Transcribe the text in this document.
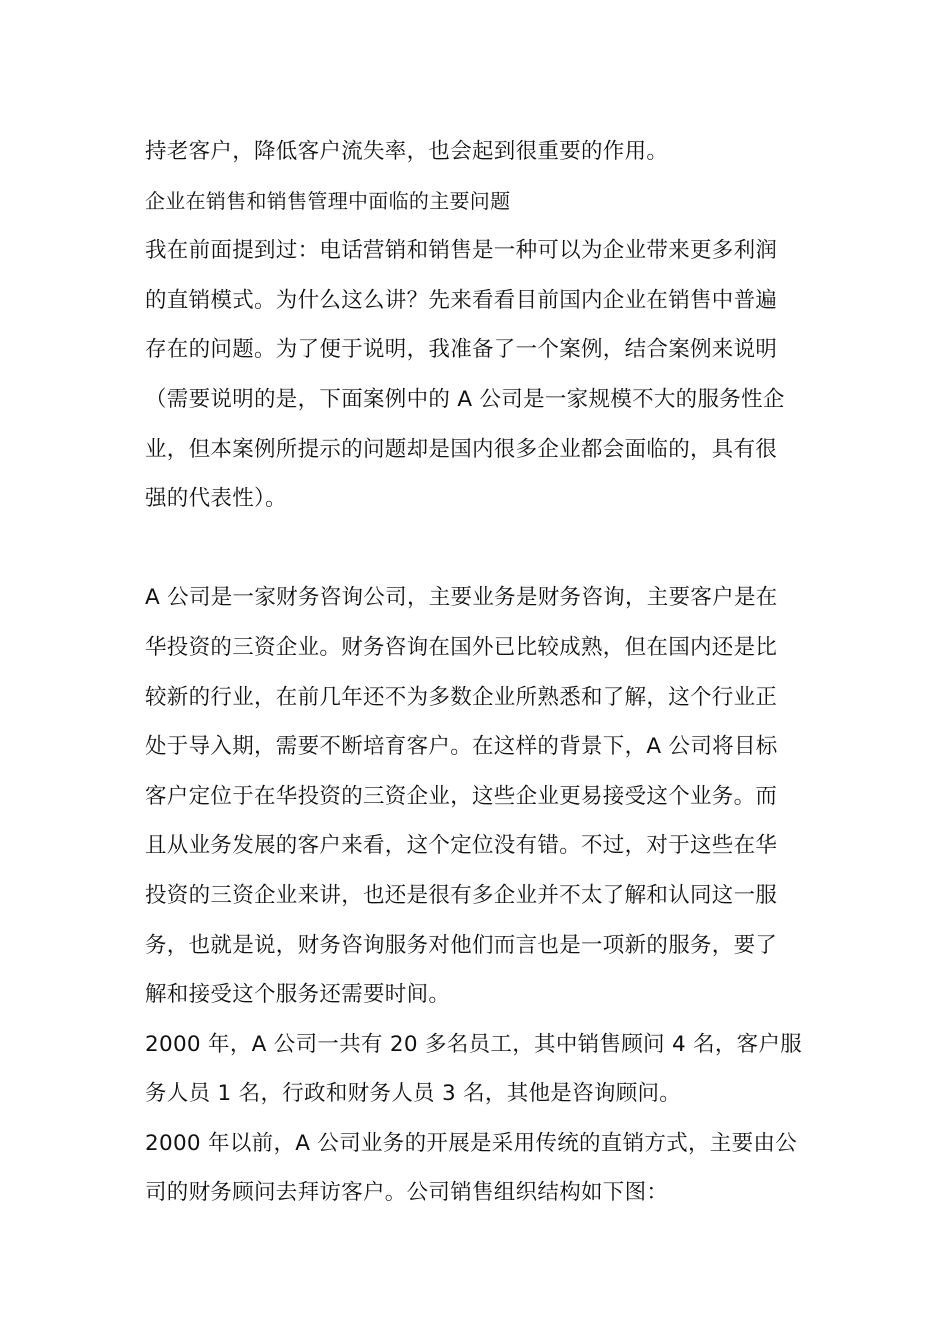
持老客户，降低客户流失率，也会起到很重要的作用。
企业在销售和销售管理中面临的主要问题
我在前面提到过：电话营销和销售是一种可以为企业带来更多利润
的直销模式。为什么这么讲？先来看看目前国内企业在销售中普遍
存在的问题。为了便于说明，我准备了一个案例，结合案例来说明
（需要说明的是，下面案例中的 A 公司是一家规模不大的服务性企
业，但本案例所提示的问题却是国内很多企业都会面临的，具有很
强的代表性）。
A 公司是一家财务咨询公司，主要业务是财务咨询，主要客户是在
华投资的三资企业。财务咨询在国外已比较成熟，但在国内还是比
较新的行业，在前几年还不为多数企业所熟悉和了解，这个行业正
处于导入期，需要不断培育客户。在这样的背景下，A 公司将目标
客户定位于在华投资的三资企业，这些企业更易接受这个业务。而
且从业务发展的客户来看，这个定位没有错。不过，对于这些在华
投资的三资企业来讲，也还是很有多企业并不太了解和认同这一服
务，也就是说，财务咨询服务对他们而言也是一项新的服务，要了
解和接受这个服务还需要时间。
2000 年，A 公司一共有 20 多名员工，其中销售顾问 4 名，客户服
务人员 1 名，行政和财务人员 3 名，其他是咨询顾问。
2000 年以前，A 公司业务的开展是采用传统的直销方式，主要由公
司的财务顾问去拜访客户。公司销售组织结构如下图：
